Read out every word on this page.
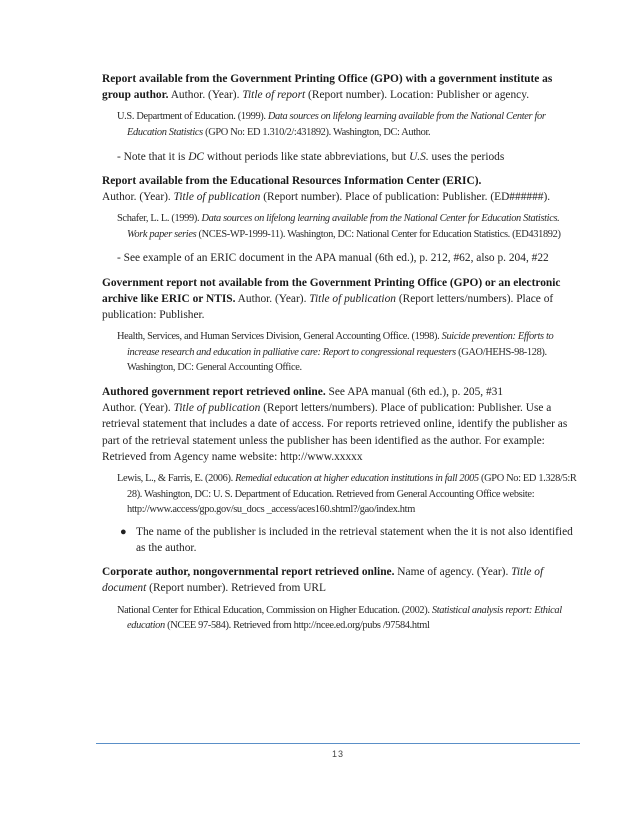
Report available from the Government Printing Office (GPO) with a government institute as group author. Author. (Year). Title of report (Report number). Location: Publisher or agency.
U.S. Department of Education. (1999). Data sources on lifelong learning available from the National Center for Education Statistics (GPO No: ED 1.310/2/:431892). Washington, DC: Author.
- Note that it is DC without periods like state abbreviations, but U.S. uses the periods
Report available from the Educational Resources Information Center (ERIC).
Author. (Year). Title of publication (Report number). Place of publication: Publisher. (ED######).
Schafer, L. L. (1999). Data sources on lifelong learning available from the National Center for Education Statistics. Work paper series (NCES-WP-1999-11). Washington, DC: National Center for Education Statistics. (ED431892)
- See example of an ERIC document in the APA manual (6th ed.), p. 212, #62, also p. 204, #22
Government report not available from the Government Printing Office (GPO) or an electronic archive like ERIC or NTIS. Author. (Year). Title of publication (Report letters/numbers). Place of publication: Publisher.
Health, Services, and Human Services Division, General Accounting Office. (1998). Suicide prevention: Efforts to increase research and education in palliative care: Report to congressional requesters (GAO/HEHS-98-128). Washington, DC: General Accounting Office.
Authored government report retrieved online. See APA manual (6th ed.), p. 205, #31
Author. (Year). Title of publication (Report letters/numbers). Place of publication: Publisher. Use a retrieval statement that includes a date of access. For reports retrieved online, identify the publisher as part of the retrieval statement unless the publisher has been identified as the author. For example: Retrieved from Agency name website: http://www.xxxxx
Lewis, L., & Farris, E. (2006). Remedial education at higher education institutions in fall 2005 (GPO No: ED 1.328/5:R 28). Washington, DC: U. S. Department of Education. Retrieved from General Accounting Office website: http://www.access/gpo.gov/su_docs _access/aces160.shtml?/gao/index.htm
● The name of the publisher is included in the retrieval statement when the it is not also identified as the author.
Corporate author, nongovernmental report retrieved online. Name of agency. (Year). Title of document (Report number). Retrieved from URL
National Center for Ethical Education, Commission on Higher Education. (2002). Statistical analysis report: Ethical education (NCEE 97-584). Retrieved from http://ncee.ed.org/pubs /97584.html
13
